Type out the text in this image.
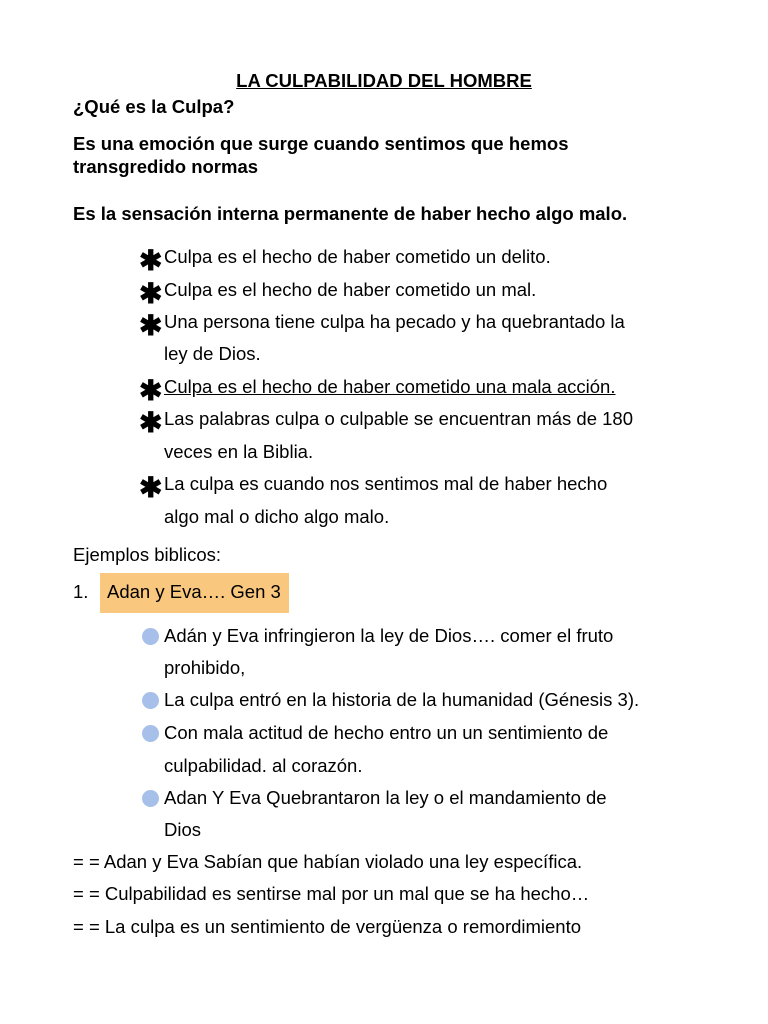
LA CULPABILIDAD DEL HOMBRE
¿Qué es la Culpa?
Es una emoción que surge cuando sentimos que hemos
transgredido normas
Es la sensación interna permanente de haber hecho algo malo.
✱ Culpa es el hecho de haber cometido un delito.
✱ Culpa es el hecho de haber cometido un mal.
✱ Una persona tiene culpa ha pecado y ha quebrantado la
ley de Dios.
✱ Culpa es el hecho de haber cometido una mala acción.
✱ Las palabras culpa o culpable se encuentran más de 180
veces en la Biblia.
✱ La culpa es cuando nos sentimos mal de haber hecho
algo mal o dicho algo malo.
Ejemplos biblicos:
1.	Adan y Eva…. Gen 3
Adán y Eva infringieron la ley de Dios…. comer el fruto
prohibido,
La culpa entró en la historia de la humanidad (Génesis 3).
Con mala actitud de hecho entro un un sentimiento de
culpabilidad. al corazón.
Adan Y Eva Quebrantaron la ley o el mandamiento de
Dios
= = Adan y Eva Sabían que habían violado una ley específica.
= = Culpabilidad es sentirse mal por un mal que se ha hecho…
= = La culpa es un sentimiento de vergüenza o remordimiento
